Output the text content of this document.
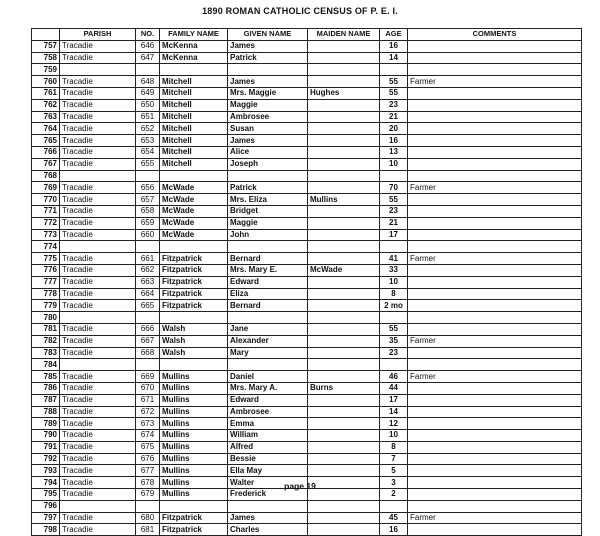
1890 ROMAN CATHOLIC CENSUS OF P. E. I.
	PARISH	NO.	FAMILY NAME	GIVEN NAME	MAIDEN NAME	AGE	COMMENTS
757	Tracadie	646	McKenna	James		16	
758	Tracadie	647	McKenna	Patrick		14	
759							
760	Tracadie	648	Mitchell	James		55	Farmer
761	Tracadie	649	Mitchell	Mrs. Maggie	Hughes	55	
762	Tracadie	650	Mitchell	Maggie		23	
763	Tracadie	651	Mitchell	Ambrosee		21	
764	Tracadie	652	Mitchell	Susan		20	
765	Tracadie	653	Mitchell	James		16	
766	Tracadie	654	Mitchell	Alice		13	
767	Tracadie	655	Mitchell	Joseph		10	
768							
769	Tracadie	656	McWade	Patrick		70	Farmer
770	Tracadie	657	McWade	Mrs. Eliza	Mullins	55	
771	Tracadie	658	McWade	Bridget		23	
772	Tracadie	659	McWade	Maggie		21	
773	Tracadie	660	McWade	John		17	
774							
775	Tracadie	661	Fitzpatrick	Bernard		41	Farmer
776	Tracadie	662	Fitzpatrick	Mrs. Mary E.	McWade	33	
777	Tracadie	663	Fitzpatrick	Edward		10	
778	Tracadie	664	Fitzpatrick	Eliza		8	
779	Tracadie	665	Fitzpatrick	Bernard		2 mo	
780							
781	Tracadie	666	Walsh	Jane		55	
782	Tracadie	667	Walsh	Alexander		35	Farmer
783	Tracadie	668	Walsh	Mary		23	
784							
785	Tracadie	669	Mullins	Daniel		46	Farmer
786	Tracadie	670	Mullins	Mrs. Mary A.	Burns	44	
787	Tracadie	671	Mullins	Edward		17	
788	Tracadie	672	Mullins	Ambrosee		14	
789	Tracadie	673	Mullins	Emma		12	
790	Tracadie	674	Mullins	William		10	
791	Tracadie	675	Mullins	Alfred		8	
792	Tracadie	676	Mullins	Bessie		7	
793	Tracadie	677	Mullins	Ella May		5	
794	Tracadie	678	Mullins	Walter		3	
795	Tracadie	679	Mullins	Frederick		2	
796							
797	Tracadie	680	Fitzpatrick	James		45	Farmer
798	Tracadie	681	Fitzpatrick	Charles		16	
page 19
